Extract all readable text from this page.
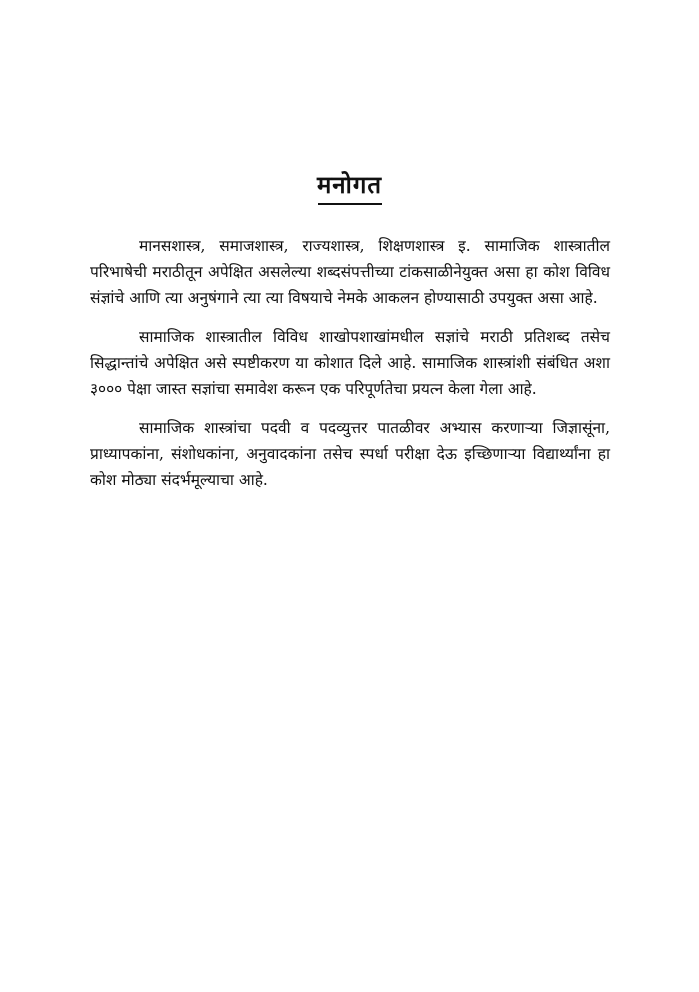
मनोगत

मानसशास्त्र, समाजशास्त्र, राज्यशास्त्र, शिक्षणशास्त्र इ. सामाजिक शास्त्रातील परिभाषेची मराठीतून अपेक्षित असलेल्या शब्दसंपत्तीच्या टांकसाळीनेयुक्त असा हा कोश विविध संज्ञांचे आणि त्या अनुषंगाने त्या त्या विषयाचे नेमके आकलन होण्यासाठी उपयुक्त असा आहे.

सामाजिक शास्त्रातील विविध शाखोपशाखांमधील सज्ञांचे मराठी प्रतिशब्द तसेच सिद्धान्तांचे अपेक्षित असे स्पष्टीकरण या कोशात दिले आहे. सामाजिक शास्त्रांशी संबंधित अशा ३००० पेक्षा जास्त सज्ञांचा समावेश करून एक परिपूर्णतेचा प्रयत्न केला गेला आहे.

सामाजिक शास्त्रांचा पदवी व पदव्युत्तर पातळीवर अभ्यास करणाऱ्या जिज्ञासूंना, प्राध्यापकांना, संशोधकांना, अनुवादकांना तसेच स्पर्धा परीक्षा देऊ इच्छिणाऱ्या विद्यार्थ्यांना हा कोश मोठ्या संदर्भमूल्याचा आहे.
